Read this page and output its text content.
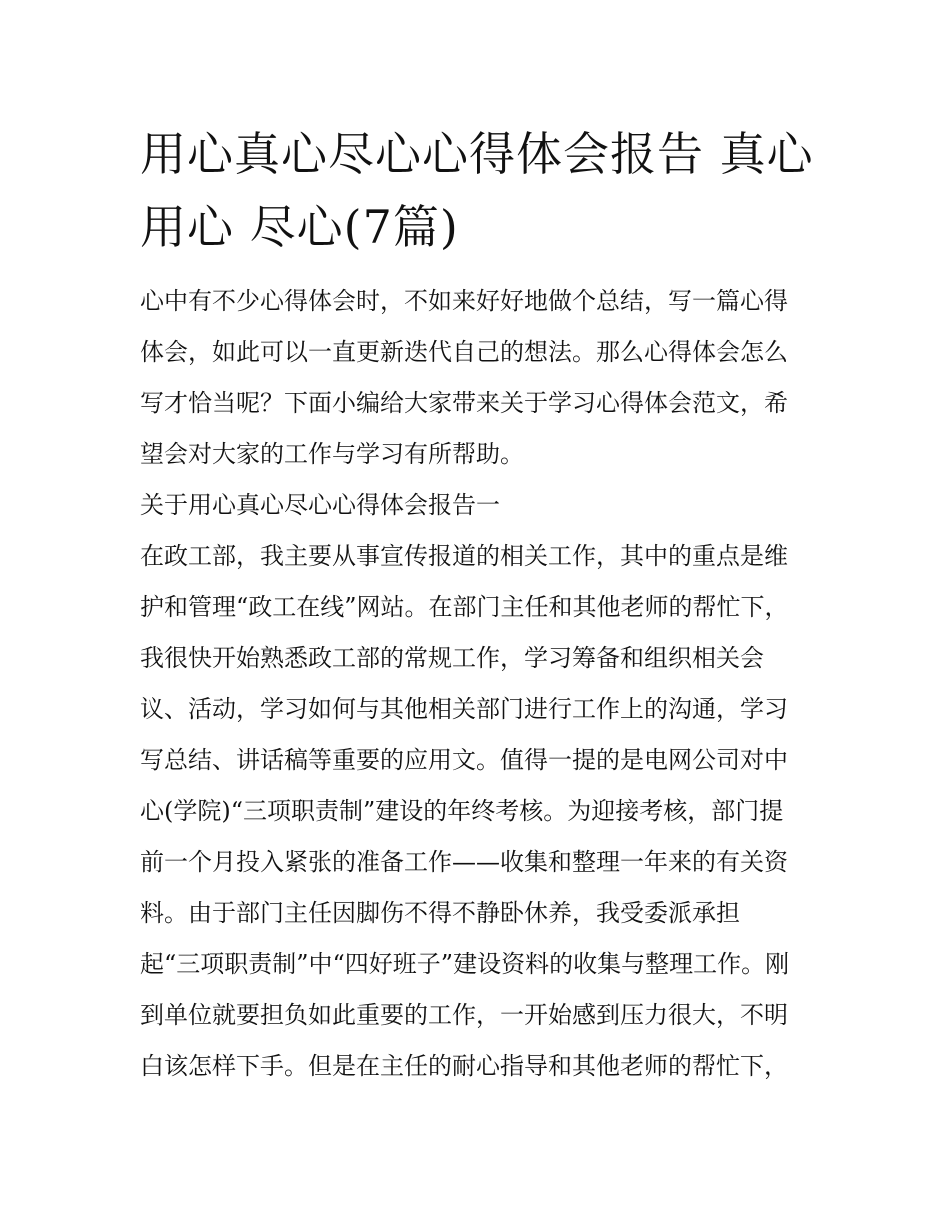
用心真心尽心心得体会报告 真心 用心 尽心(7篇)

心中有不少心得体会时，不如来好好地做个总结，写一篇心得

体会，如此可以一直更新迭代自己的想法。那么心得体会怎么

写才恰当呢？下面小编给大家带来关于学习心得体会范文，希

望会对大家的工作与学习有所帮助。

关于用心真心尽心心得体会报告一

在政工部，我主要从事宣传报道的相关工作，其中的重点是维

护和管理“政工在线”网站。在部门主任和其他老师的帮忙下，

我很快开始熟悉政工部的常规工作，学习筹备和组织相关会

议、活动，学习如何与其他相关部门进行工作上的沟通，学习

写总结、讲话稿等重要的应用文。值得一提的是电网公司对中

心(学院)“三项职责制”建设的年终考核。为迎接考核，部门提

前一个月投入紧张的准备工作——收集和整理一年来的有关资

料。由于部门主任因脚伤不得不静卧休养，我受委派承担

起“三项职责制”中“四好班子”建设资料的收集与整理工作。刚

到单位就要担负如此重要的工作，一开始感到压力很大，不明

白该怎样下手。但是在主任的耐心指导和其他老师的帮忙下，
